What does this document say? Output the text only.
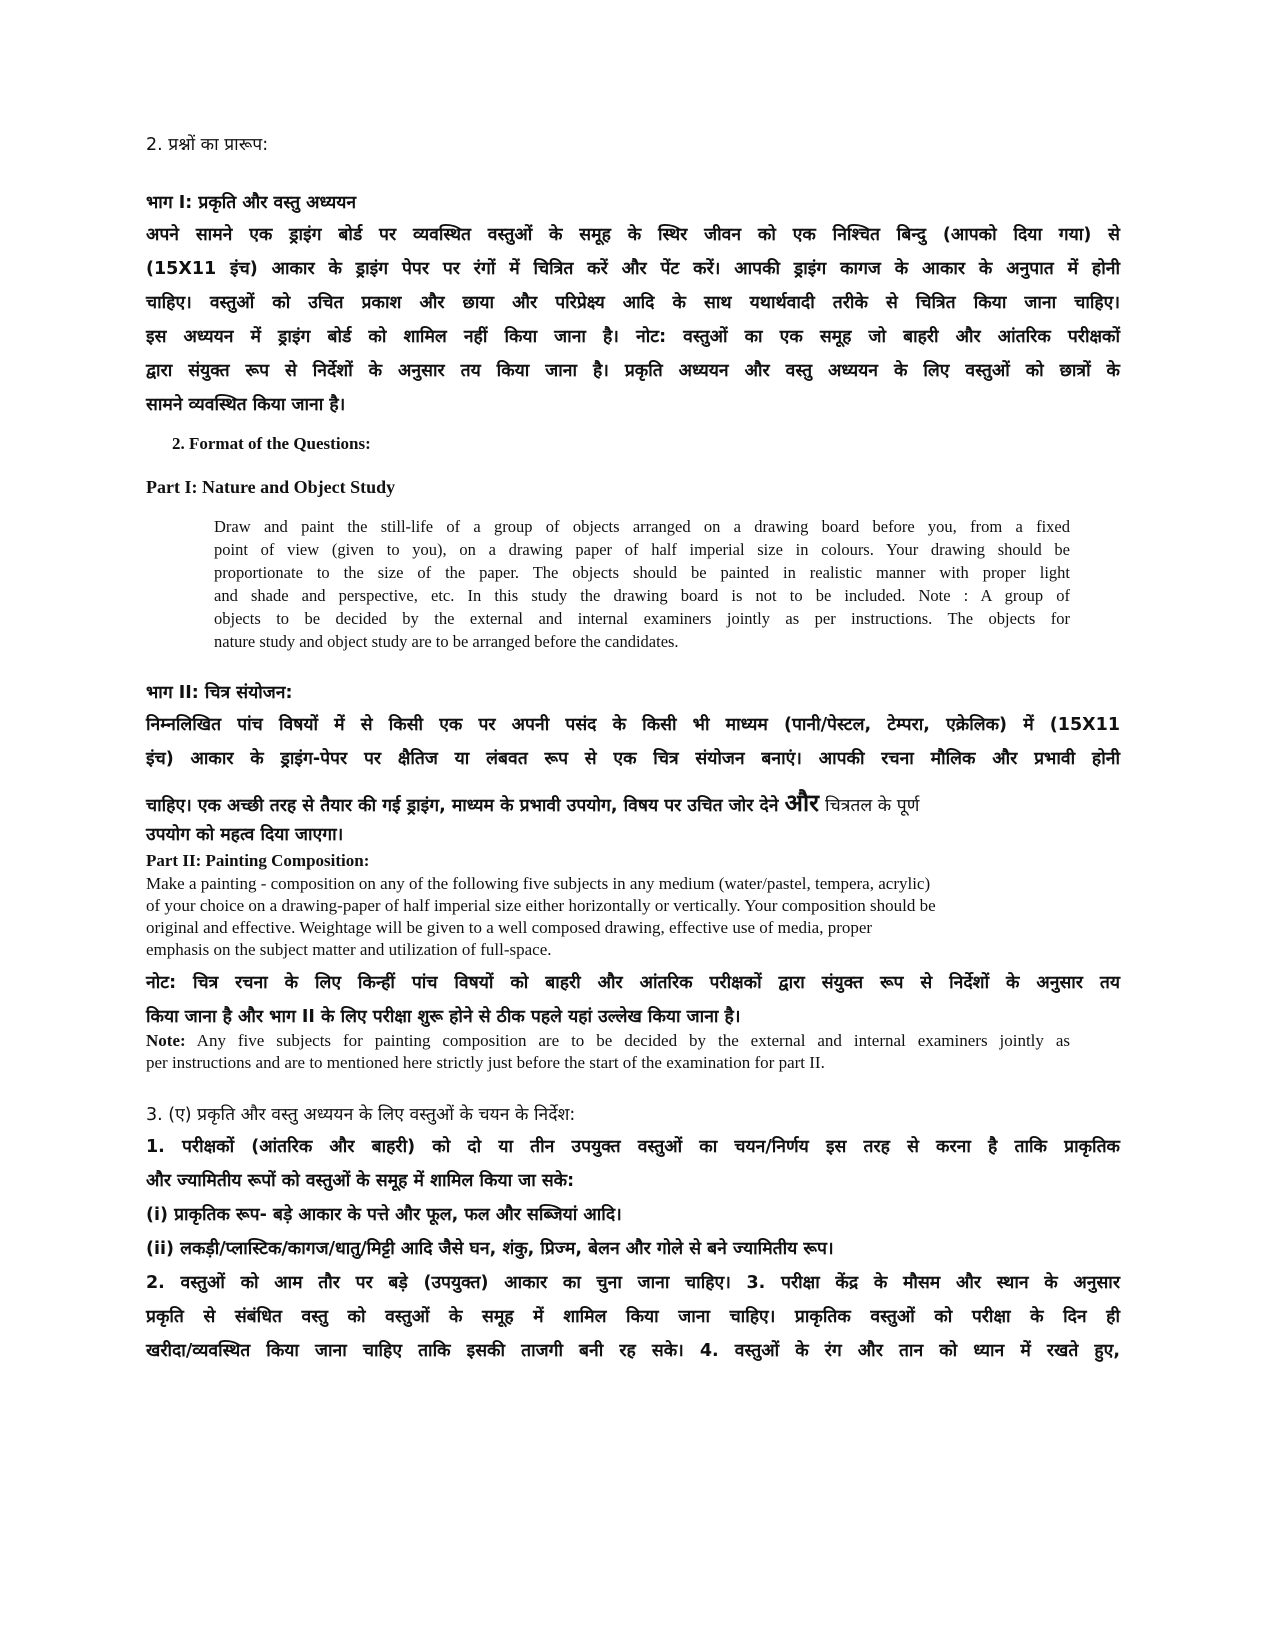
2. प्रश्नों का प्रारूप:
भाग I: प्रकृति और वस्तु अध्ययन
अपने सामने एक ड्राइंग बोर्ड पर व्यवस्थित वस्तुओं के समूह के स्थिर जीवन को एक निश्चित बिन्दु (आपको दिया गया) से
(15X11 इंच) आकार के ड्राइंग पेपर पर रंगों में चित्रित करें और पेंट करें। आपकी ड्राइंग कागज के आकार के अनुपात में होनी
चाहिए। वस्तुओं को उचित प्रकाश और छाया और परिप्रेक्ष्य आदि के साथ यथार्थवादी तरीके से चित्रित किया जाना चाहिए।
इस अध्ययन में ड्राइंग बोर्ड को शामिल नहीं किया जाना है। नोट: वस्तुओं का एक समूह जो बाहरी और आंतरिक परीक्षकों
द्वारा संयुक्त रूप से निर्देशों के अनुसार तय किया जाना है। प्रकृति अध्ययन और वस्तु अध्ययन के लिए वस्तुओं को छात्रों के
सामने व्यवस्थित किया जाना है।
2. Format of the Questions:
Part I: Nature and Object Study
Draw and paint the still-life of a group of objects arranged on a drawing board before you, from a fixed
point of view (given to you), on a drawing paper of half imperial size in colours. Your drawing should be
proportionate to the size of the paper. The objects should be painted in realistic manner with proper light
and shade and perspective, etc. In this study the drawing board is not to be included. Note : A group of
objects to be decided by the external and internal examiners jointly as per instructions. The objects for
nature study and object study are to be arranged before the candidates.
भाग II: चित्र संयोजन:
निम्नलिखित पांच विषयों में से किसी एक पर अपनी पसंद के किसी भी माध्यम (पानी/पेस्टल, टेम्परा, एक्रेलिक) में (15X11
इंच) आकार के ड्राइंग-पेपर पर क्षैतिज या लंबवत रूप से एक चित्र संयोजन बनाएं। आपकी रचना मौलिक और प्रभावी होनी
चाहिए। एक अच्छी तरह से तैयार की गई ड्राइंग, माध्यम के प्रभावी उपयोग, विषय पर उचित जोर देने और चित्रतल के पूर्ण
उपयोग को महत्व दिया जाएगा।
Part II: Painting Composition:
Make a painting - composition on any of the following five subjects in any medium (water/pastel, tempera, acrylic)
of your choice on a drawing-paper of half imperial size either horizontally or vertically. Your composition should be
original and effective. Weightage will be given to a well composed drawing, effective use of media, proper
emphasis on the subject matter and utilization of full-space.
नोट: चित्र रचना के लिए किन्हीं पांच विषयों को बाहरी और आंतरिक परीक्षकों द्वारा संयुक्त रूप से निर्देशों के अनुसार तय
किया जाना है और भाग II के लिए परीक्षा शुरू होने से ठीक पहले यहां उल्लेख किया जाना है।
Note: Any five subjects for painting composition are to be decided by the external and internal examiners jointly as
per instructions and are to mentioned here strictly just before the start of the examination for part II.
3. (ए) प्रकृति और वस्तु अध्ययन के लिए वस्तुओं के चयन के निर्देश:
1. परीक्षकों (आंतरिक और बाहरी) को दो या तीन उपयुक्त वस्तुओं का चयन/निर्णय इस तरह से करना है ताकि प्राकृतिक
और ज्यामितीय रूपों को वस्तुओं के समूह में शामिल किया जा सके:
(i) प्राकृतिक रूप- बड़े आकार के पत्ते और फूल, फल और सब्जियां आदि।
(ii) लकड़ी/प्लास्टिक/कागज/धातु/मिट्टी आदि जैसे घन, शंकु, प्रिज्म, बेलन और गोले से बने ज्यामितीय रूप।
2. वस्तुओं को आम तौर पर बड़े (उपयुक्त) आकार का चुना जाना चाहिए। 3. परीक्षा केंद्र के मौसम और स्थान के अनुसार
प्रकृति से संबंधित वस्तु को वस्तुओं के समूह में शामिल किया जाना चाहिए। प्राकृतिक वस्तुओं को परीक्षा के दिन ही
खरीदा/व्यवस्थित किया जाना चाहिए ताकि इसकी ताजगी बनी रह सके। 4. वस्तुओं के रंग और तान को ध्यान में रखते हुए,
